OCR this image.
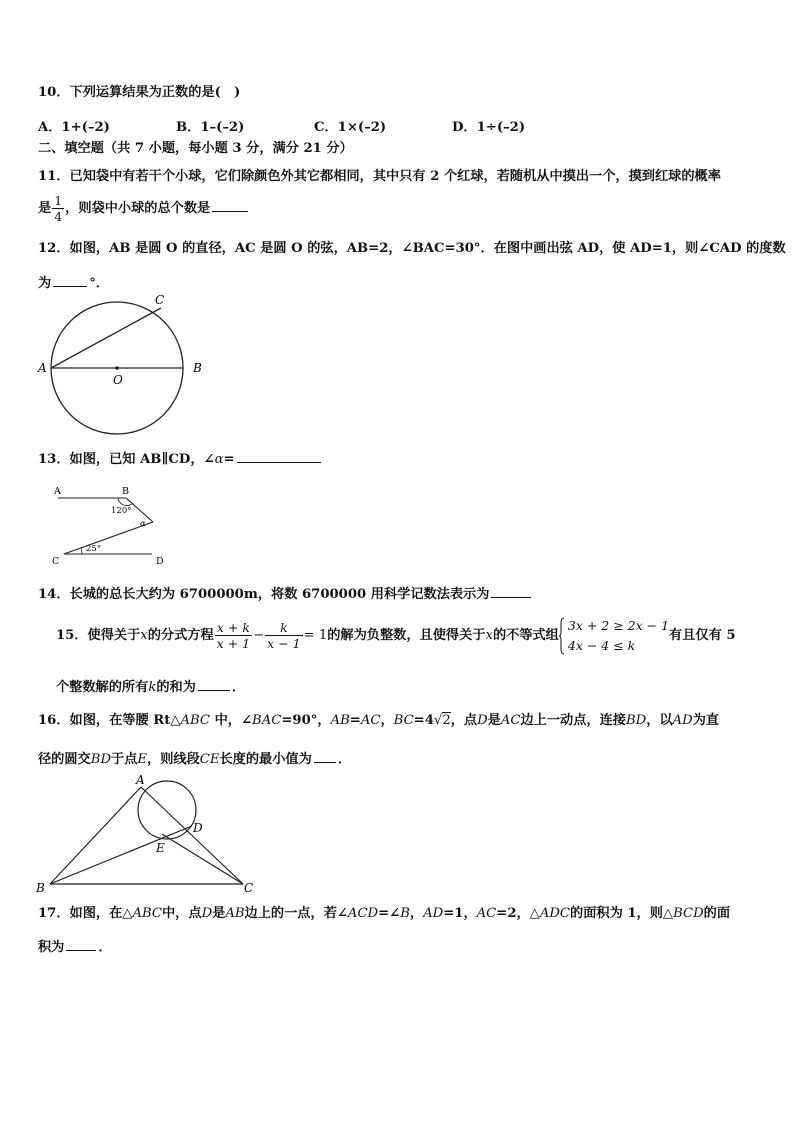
10．下列运算结果为正数的是(　)
A．1+(–2)	B．1–(–2)	C．1×(–2)	D．1÷(–2)
二、填空题（共 7 小题，每小题 3 分，满分 21 分）
11．已知袋中有若干个小球，它们除颜色外其它都相同，其中只有 2 个红球，若随机从中摸出一个，摸到红球的概率
是 $\frac{1}{4}$ ，则袋中小球的总个数是
12．如图，AB 是圆 O 的直径，AC 是圆 O 的弦，AB=2，∠BAC=30°．在图中画出弦 AD，使 AD=1，则∠CAD 的度数
为	°．
A	B
C
O
13．如图，已知 AB∥CD，∠α=
A	B
C	D
120°
α
25°
14．长城的总长大约为 6700000m，将数 6700000 用科学记数法表示为
15．使得关于x的分式方程 $\frac{x + k}{x + 1} - \frac{k}{x - 1} = 1$的解为负整数，且使得关于x的不等式组
3x + 2 ≥ 2x − 1
4x − 4 ≤ k
有且仅有 5
个整数解的所有k的和为	．
16．如图，在等腰 Rt△ABC 中，∠BAC=90°，AB=AC，BC=4√2，点D是AC边上一动点，连接BD，以AD为直
径的圆交BD于点E，则线段CE长度的最小值为 ．
A
B	C
D
E
17．如图，在△ABC中，点D是AB边上的一点，若∠ACD=∠B，AD=1，AC=2，△ADC的面积为 1，则△BCD的面
积为	．
